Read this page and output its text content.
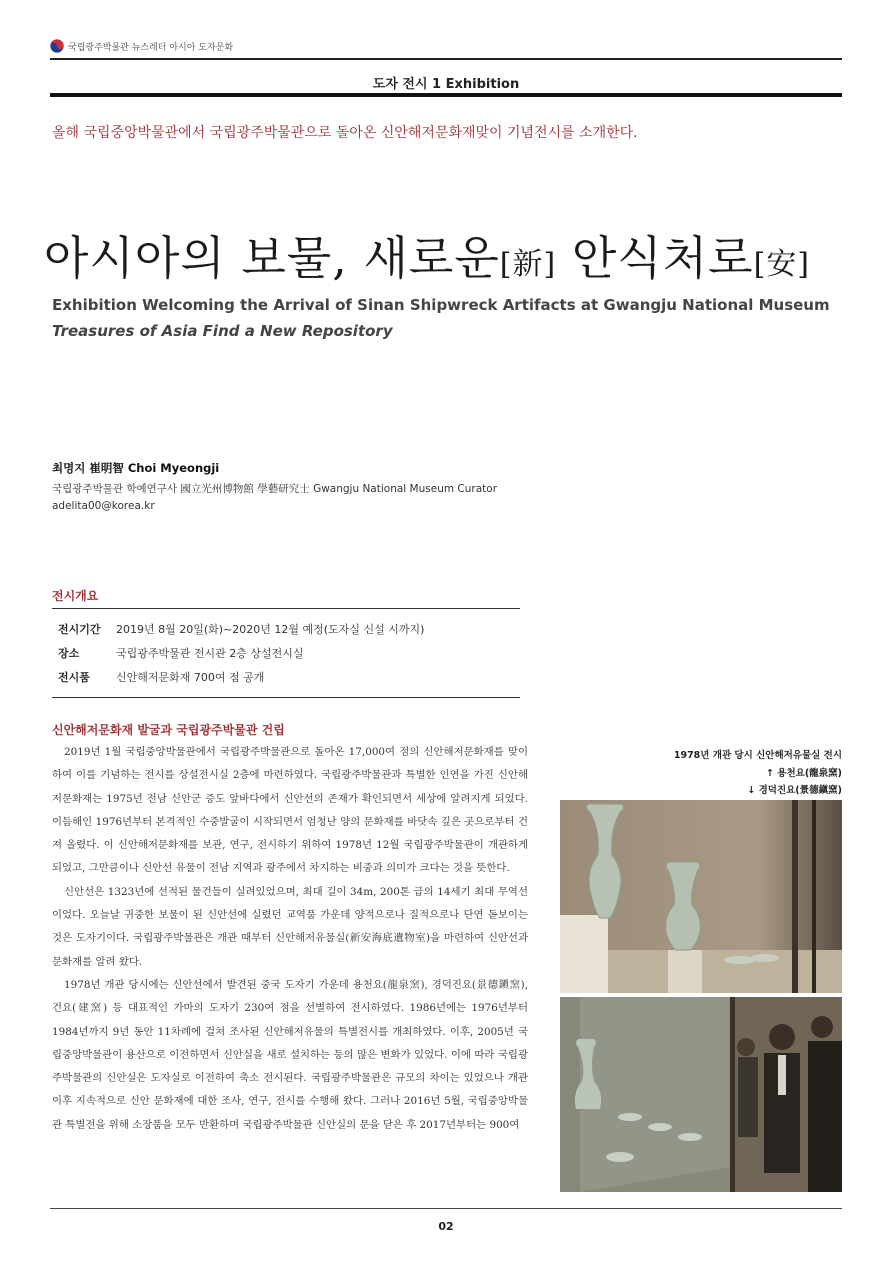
국립광주박물관 뉴스레터 아시아 도자문화
도자 전시 1 Exhibition
올해 국립중앙박물관에서 국립광주박물관으로 돌아온 신안해저문화재맞이 기념전시를 소개한다.
아시아의 보물, 새로운[新] 안식처로[安]
Exhibition Welcoming the Arrival of Sinan Shipwreck Artifacts at Gwangju National Museum
Treasures of Asia Find a New Repository
최명지 崔明智 Choi Myeongji
국립광주박물관 학예연구사 國立光州博物館 學藝研究士 Gwangju National Museum Curator
adelita00@korea.kr
전시개요
전시기간 2019년 8월 20일(화)~2020년 12월 예정(도자실 신설 시까지)
장소	국립광주박물관 전시관 2층 상설전시실
전시품 신안해저문화재 700여 점 공개
신안해저문화재 발굴과 국립광주박물관 건립

2019년 1월 국립중앙박물관에서 국립광주박물관으로 돌아온 17,000여 점의 신안해저문화재를 맞이하여 이를 기념하는 전시를 상설전시실 2층에 마련하였다. 국립광주박물관과 특별한 인연을 가진 신안해저문화재는 1975년 전남 신안군 증도 앞바다에서 신안선의 존재가 확인되면서 세상에 알려지게 되었다. 이듬해인 1976년부터 본격적인 수중발굴이 시작되면서 엄청난 양의 문화재를 바닷속 깊은 곳으로부터 건져 올렸다. 이 신안해저문화재를 보관, 연구, 전시하기 위하여 1978년 12월 국립광주박물관이 개관하게 되었고, 그만큼이나 신안선 유물이 전남 지역과 광주에서 차지하는 비중과 의미가 크다는 것을 뜻한다.

신안선은 1323년에 선적된 물건들이 실려있었으며, 최대 길이 34m, 200톤 급의 14세기 최대 무역선이었다. 오늘날 귀중한 보물이 된 신안선에 실렸던 교역품 가운데 양적으로나 질적으로나 단연 돋보이는 것은 도자기이다. 국립광주박물관은 개관 때부터 신안해저유물실(新安海底遺物室)을 마련하여 신안선과 문화재를 알려 왔다.

1978년 개관 당시에는 신안선에서 발견된 중국 도자기 가운데 용천요(龍泉窯), 경덕진요(景德鎭窯), 건요(建窯) 등 대표적인 가마의 도자기 230여 점을 선별하여 전시하였다. 1986년에는 1976년부터 1984년까지 9년 동안 11차례에 걸쳐 조사된 신안해저유물의 특별전시를 개최하였다. 이후, 2005년 국립중앙박물관이 용산으로 이전하면서 신안실을 새로 설치하는 등의 많은 변화가 있었다. 이에 따라 국립광주박물관의 신안실은 도자실로 이전하여 축소 전시된다. 국립광주박물관은 규모의 차이는 있었으나 개관 이후 지속적으로 신안 문화재에 대한 조사, 연구, 전시를 수행해 왔다. 그러나 2016년 5월, 국립중앙박물관 특별전을 위해 소장품을 모두 반환하며 국립광주박물관 신안실의 문을 닫은 후 2017년부터는 900여

1978년 개관 당시 신안해저유물실 전시
↑ 용천요(龍泉窯)
↓ 경덕진요(景德鎭窯)
02
